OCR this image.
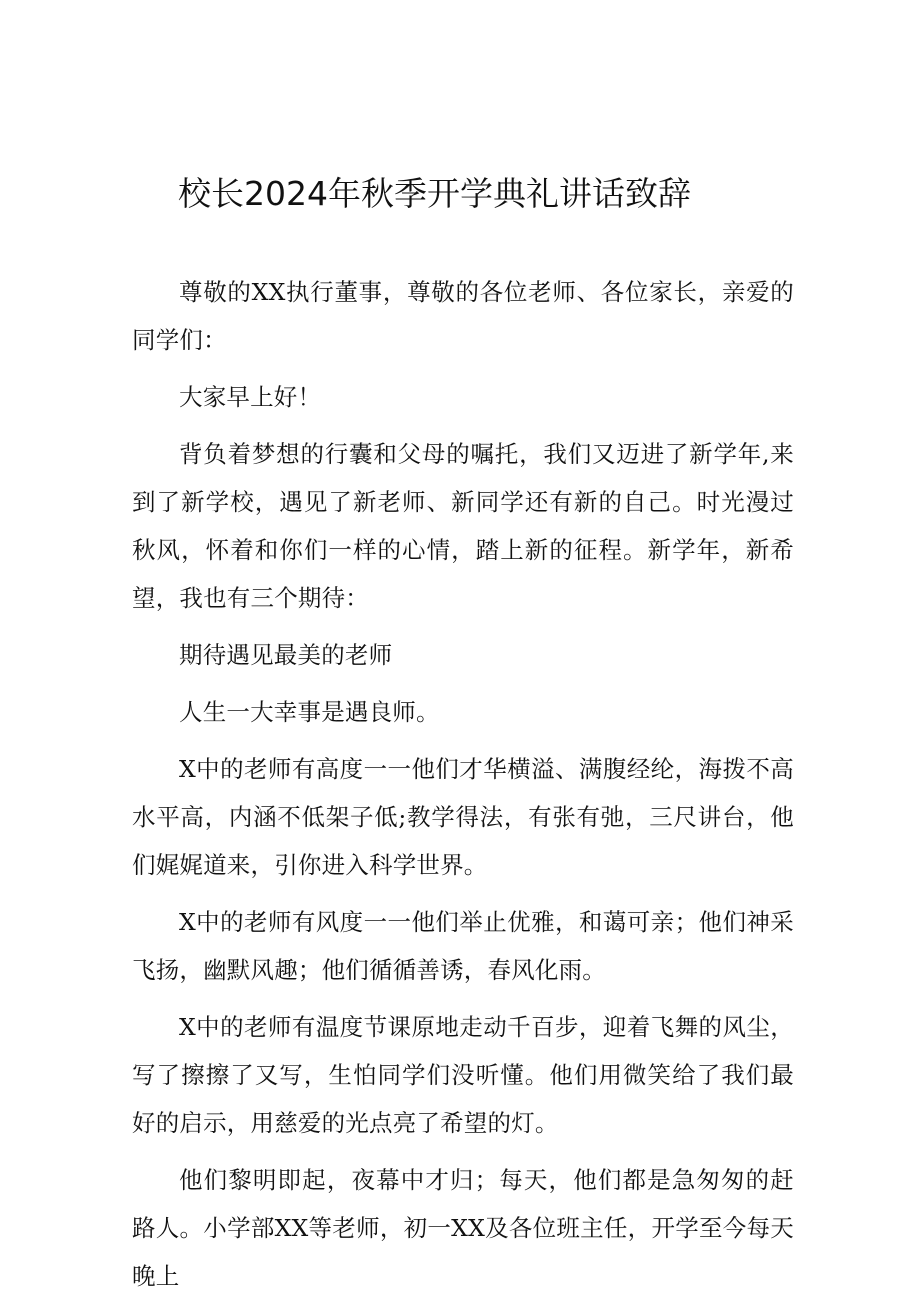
校长2024年秋季开学典礼讲话致辞

尊敬的XX执行董事，尊敬的各位老师、各位家长，亲爱的同学们：

大家早上好！

背负着梦想的行囊和父母的嘱托，我们又迈进了新学年,来到了新学校，遇见了新老师、新同学还有新的自己。时光漫过秋风，怀着和你们一样的心情，踏上新的征程。新学年，新希望，我也有三个期待：

期待遇见最美的老师

人生一大幸事是遇良师。

X中的老师有高度一一他们才华横溢、满腹经纶，海拨不高水平高，内涵不低架子低;教学得法，有张有弛，三尺讲台，他们娓娓道来，引你进入科学世界。

X中的老师有风度一一他们举止优雅，和蔼可亲；他们神采飞扬，幽默风趣；他们循循善诱，春风化雨。

X中的老师有温度节课原地走动千百步，迎着飞舞的风尘，写了擦擦了又写，生怕同学们没听懂。他们用微笑给了我们最好的启示，用慈爱的光点亮了希望的灯。

他们黎明即起，夜幕中才归；每天，他们都是急匆匆的赶路人。小学部XX等老师，初一XX及各位班主任，开学至今每天晚上
